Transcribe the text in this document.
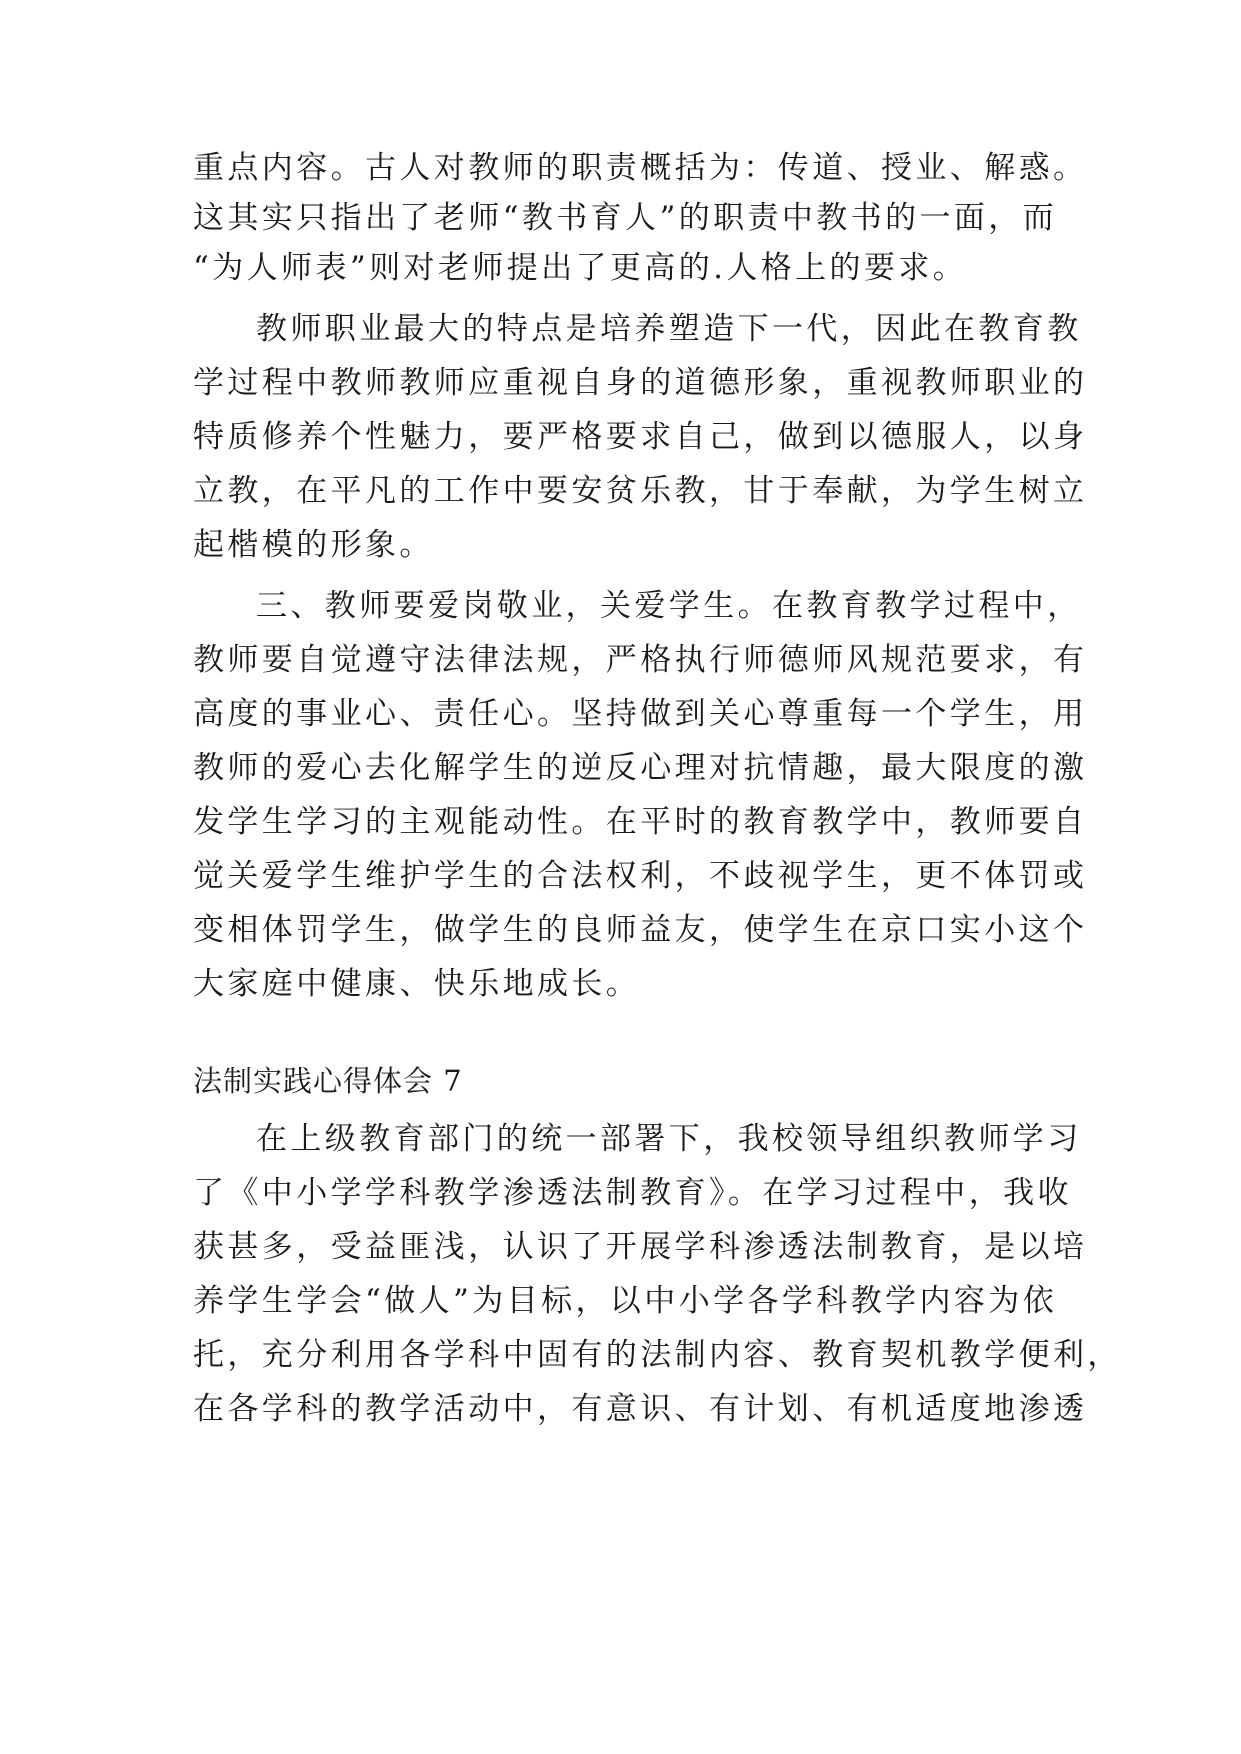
重点内容。古人对教师的职责概括为：传道、授业、解惑。
这其实只指出了老师“教书育人”的职责中教书的一面，而
“为人师表”则对老师提出了更高的.人格上的要求。
教师职业最大的特点是培养塑造下一代，因此在教育教
学过程中教师教师应重视自身的道德形象，重视教师职业的
特质修养个性魅力，要严格要求自己，做到以德服人，以身
立教，在平凡的工作中要安贫乐教，甘于奉献，为学生树立
起楷模的形象。
三、教师要爱岗敬业，关爱学生。在教育教学过程中，
教师要自觉遵守法律法规，严格执行师德师风规范要求，有
高度的事业心、责任心。坚持做到关心尊重每一个学生，用
教师的爱心去化解学生的逆反心理对抗情趣，最大限度的激
发学生学习的主观能动性。在平时的教育教学中，教师要自
觉关爱学生维护学生的合法权利，不歧视学生，更不体罚或
变相体罚学生，做学生的良师益友，使学生在京口实小这个
大家庭中健康、快乐地成长。
法制实践心得体会 7
在上级教育部门的统一部署下，我校领导组织教师学习
了《中小学学科教学渗透法制教育》。在学习过程中，我收
获甚多，受益匪浅，认识了开展学科渗透法制教育，是以培
养学生学会“做人”为目标，以中小学各学科教学内容为依
托，充分利用各学科中固有的法制内容、教育契机教学便利，
在各学科的教学活动中，有意识、有计划、有机适度地渗透
